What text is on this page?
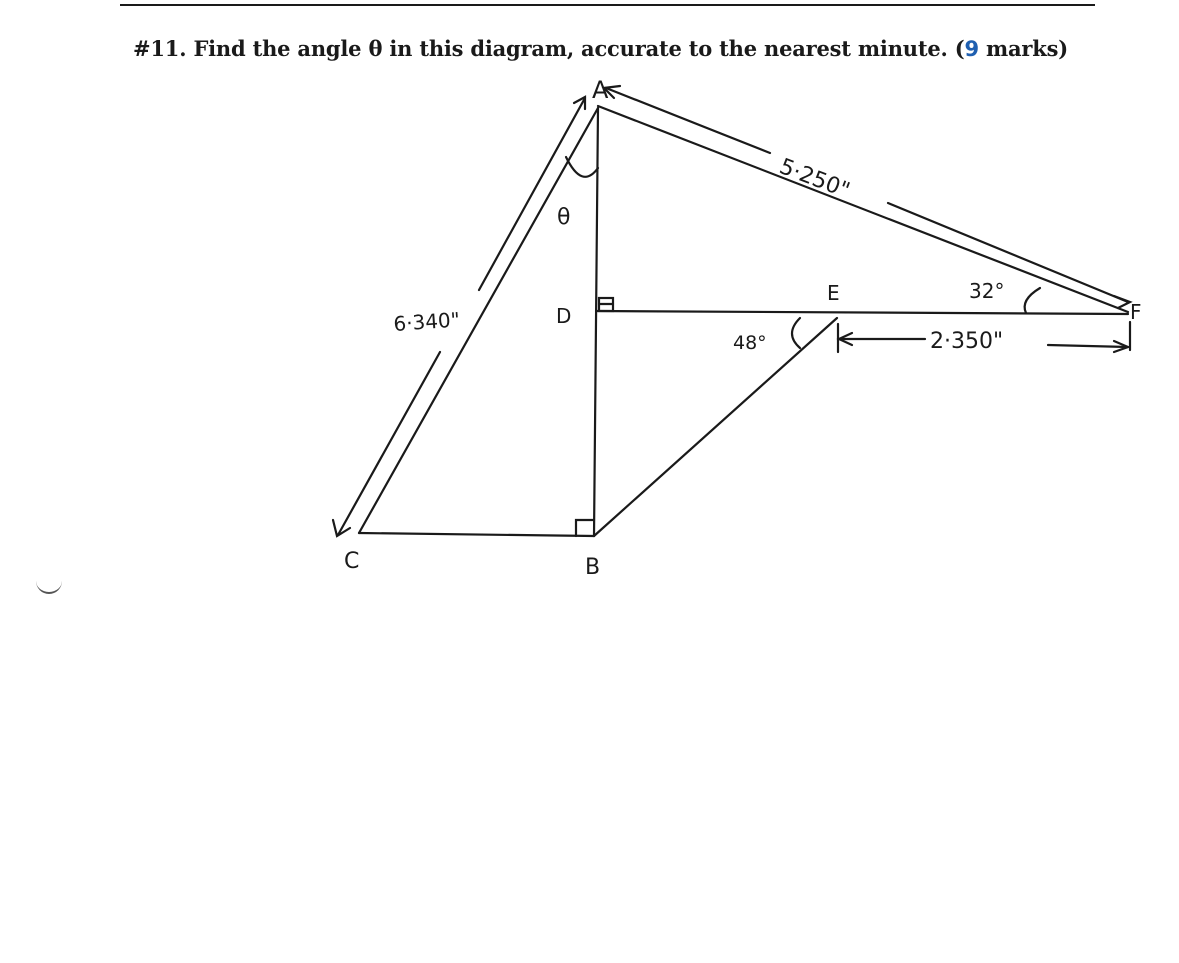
#11. Find the angle θ in this diagram, accurate to the nearest minute. (9 marks)
A
B
C
D
E
F
θ
48°
32°
6·340"
5·250"
2·350"
